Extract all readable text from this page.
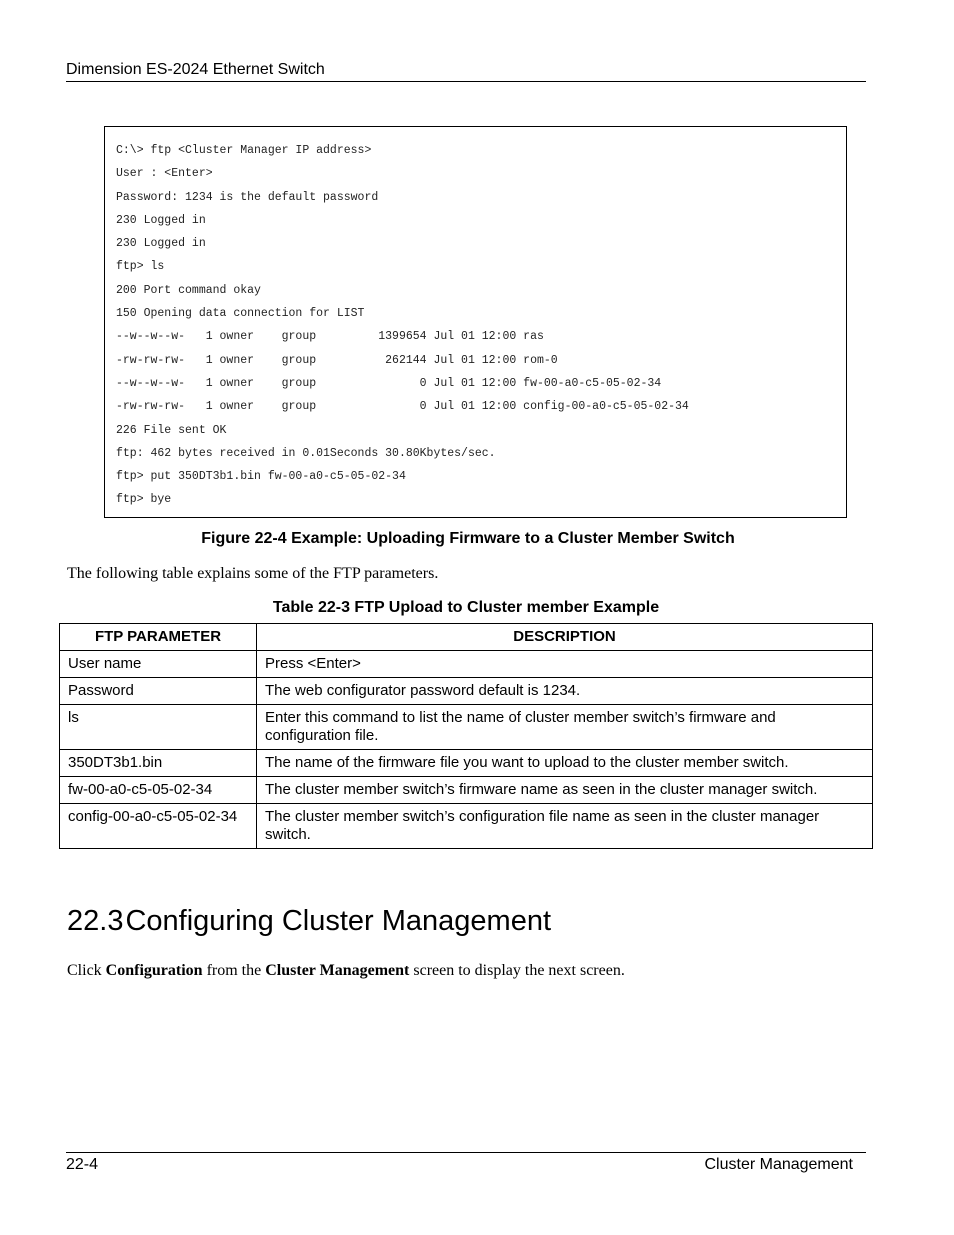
Dimension ES-2024 Ethernet Switch
C:\> ftp <Cluster Manager IP address>
User : <Enter>
Password: 1234 is the default password
230 Logged in
230 Logged in
ftp> ls
200 Port command okay
150 Opening data connection for LIST
--w--w--w-   1 owner    group         1399654 Jul 01 12:00 ras
-rw-rw-rw-   1 owner    group          262144 Jul 01 12:00 rom-0
--w--w--w-   1 owner    group               0 Jul 01 12:00 fw-00-a0-c5-05-02-34
-rw-rw-rw-   1 owner    group               0 Jul 01 12:00 config-00-a0-c5-05-02-34
226 File sent OK
ftp: 462 bytes received in 0.01Seconds 30.80Kbytes/sec.
ftp> put 350DT3b1.bin fw-00-a0-c5-05-02-34
ftp> bye
Figure 22-4 Example: Uploading Firmware to a Cluster Member Switch
The following table explains some of the FTP parameters.
Table 22-3 FTP Upload to Cluster member Example
FTP PARAMETER	DESCRIPTION
User name	Press <Enter>
Password	The web configurator password default is 1234.
ls	Enter this command to list the name of cluster member switch’s firmware and configuration file.
350DT3b1.bin	The name of the firmware file you want to upload to the cluster member switch.
fw-00-a0-c5-05-02-34	The cluster member switch’s firmware name as seen in the cluster manager switch.
config-00-a0-c5-05-02-34	The cluster member switch’s configuration file name as seen in the cluster manager switch.
22.3Configuring Cluster Management
Click Configuration from the Cluster Management screen to display the next screen.
22-4	Cluster Management
